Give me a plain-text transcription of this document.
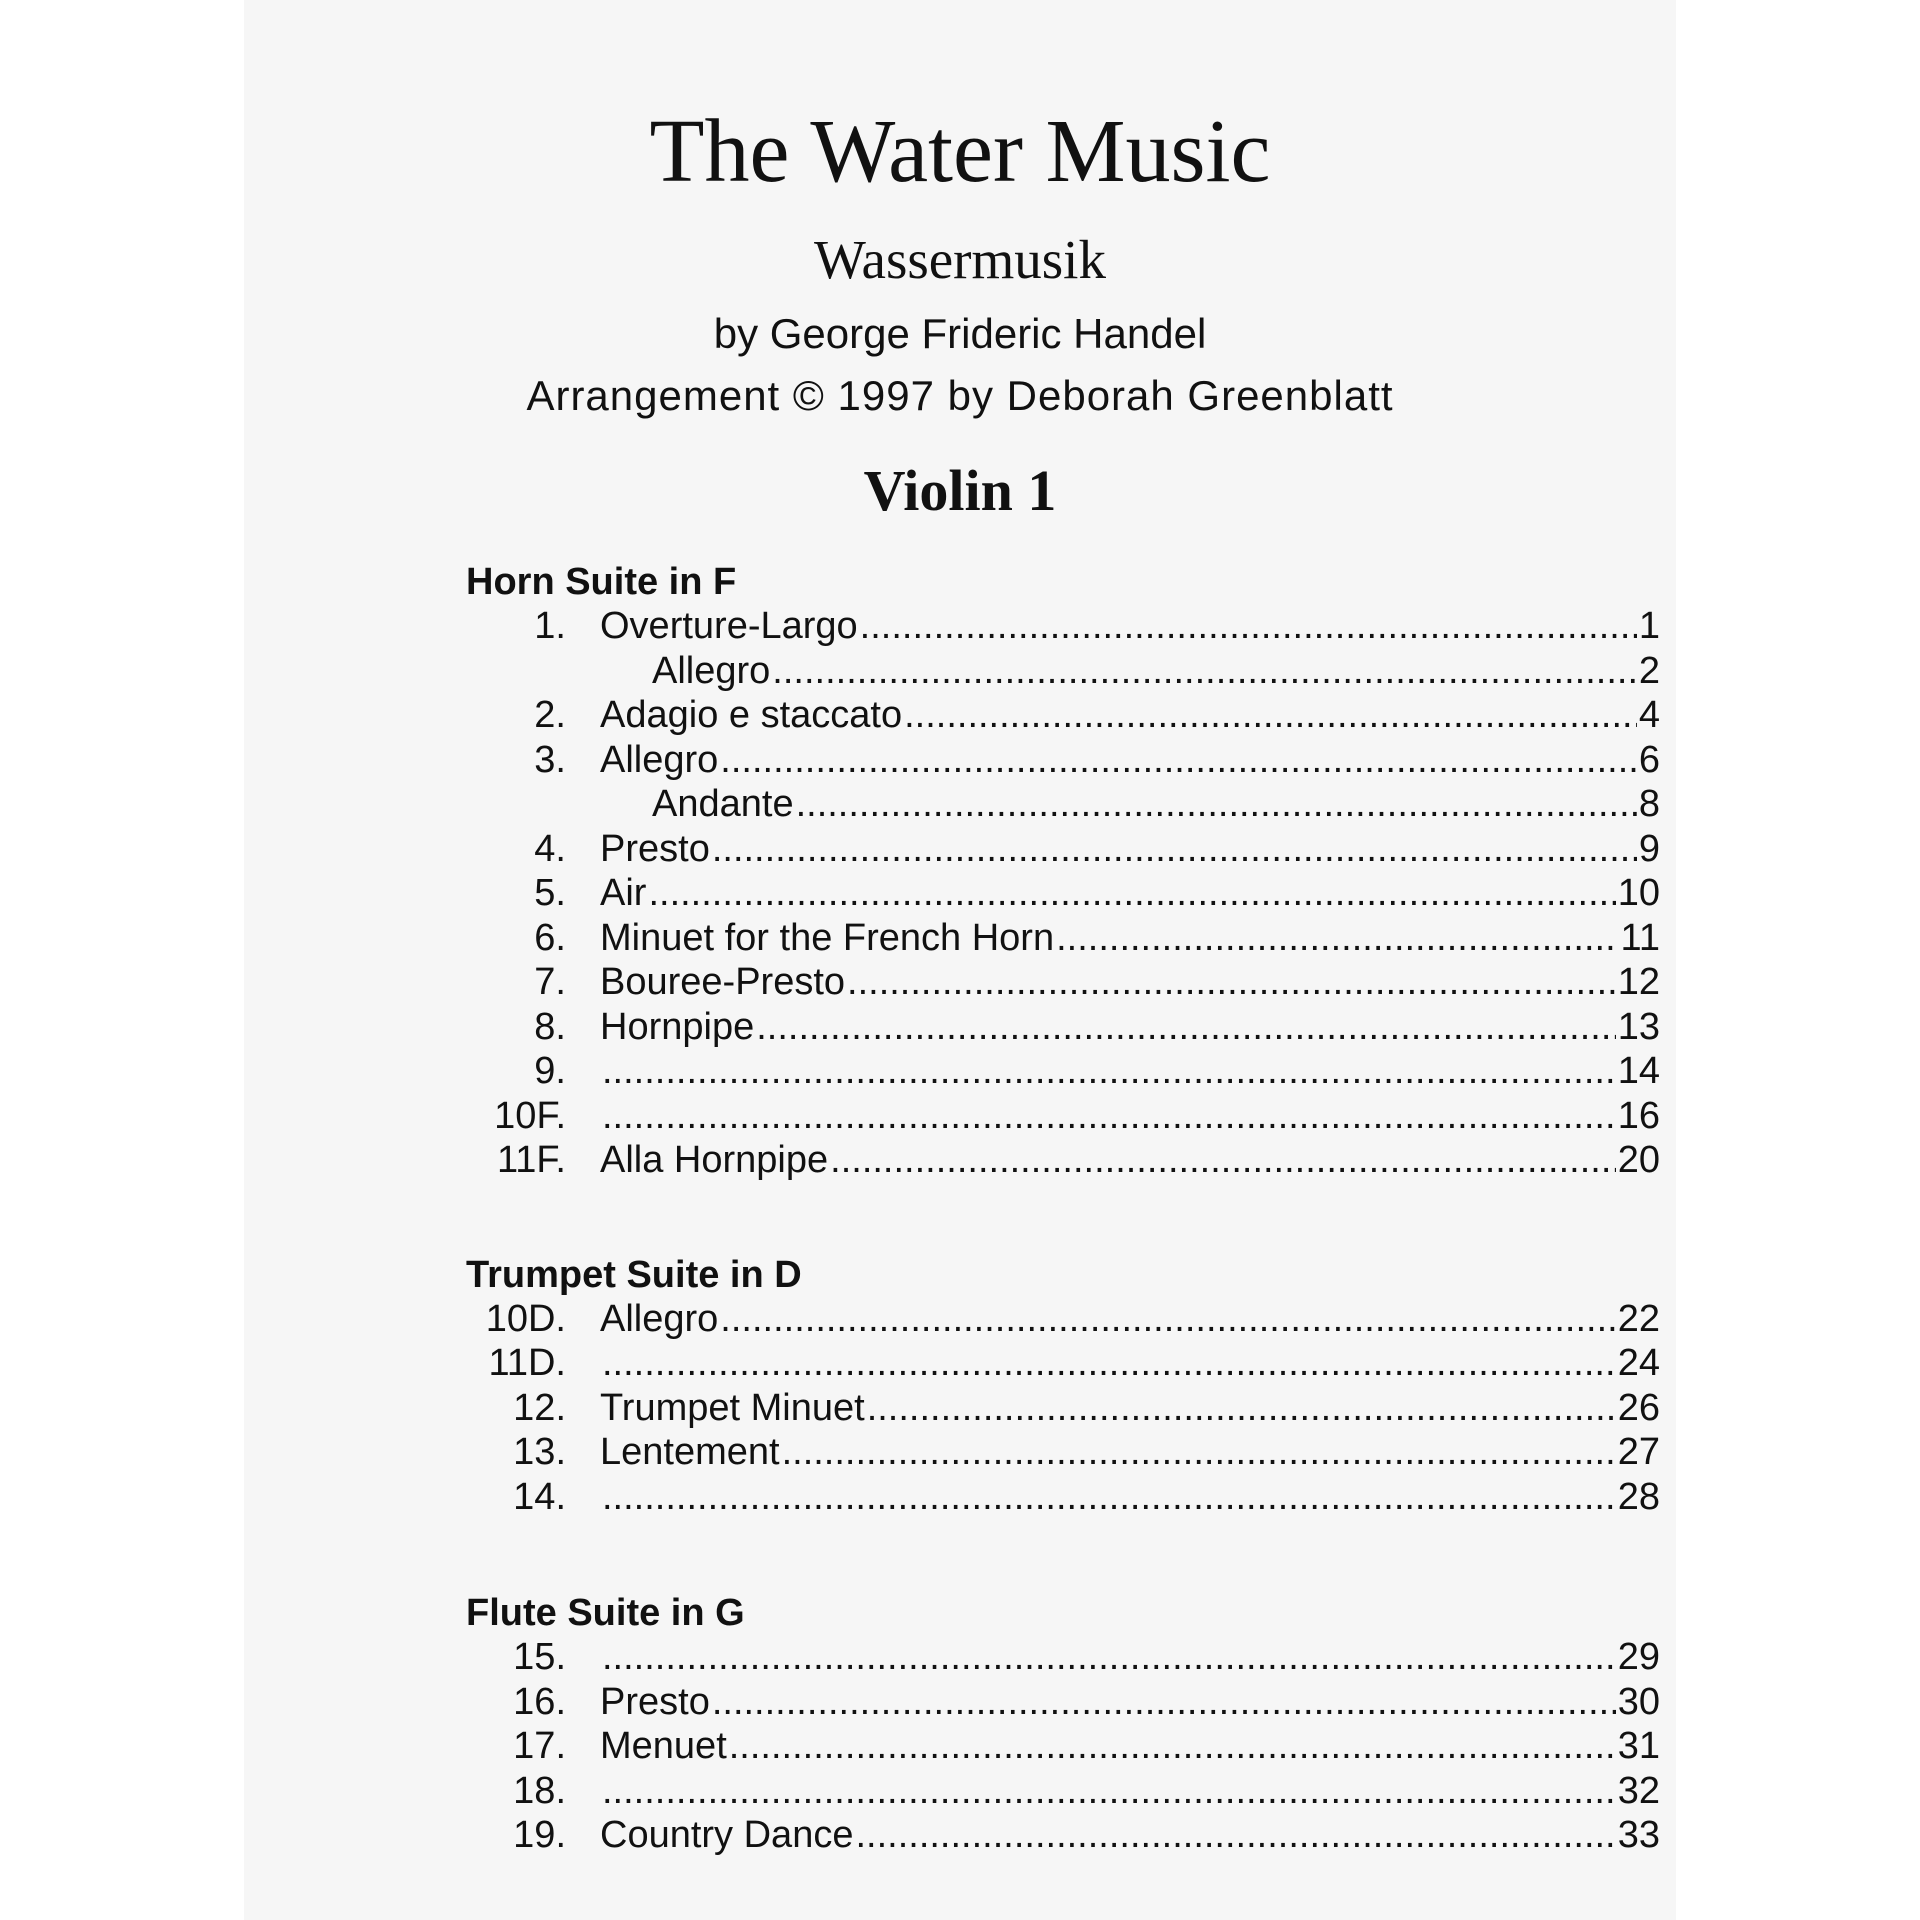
The Water Music
Wassermusik
by George Frideric Handel
Arrangement © 1997 by Deborah Greenblatt
Violin 1
Horn Suite in F
1. Overture-Largo .....	1
Allegro .....	2
2. Adagio e staccato .....	4
3. Allegro .....	6
Andante .....	8
4. Presto .....	9
5. Air .....	10
6. Minuet for the French Horn .....	11
7. Bouree-Presto .....	12
8. Hornpipe .....	13
9. .....	14
10F. .....	16
11F. Alla Hornpipe .....	20
Trumpet Suite in D
10D. Allegro .....	22
11D. .....	24
12. Trumpet Minuet .....	26
13. Lentement .....	27
14. .....	28
Flute Suite in G
15. .....	29
16. Presto .....	30
17. Menuet .....	31
18. .....	32
19. Country Dance .....	33
